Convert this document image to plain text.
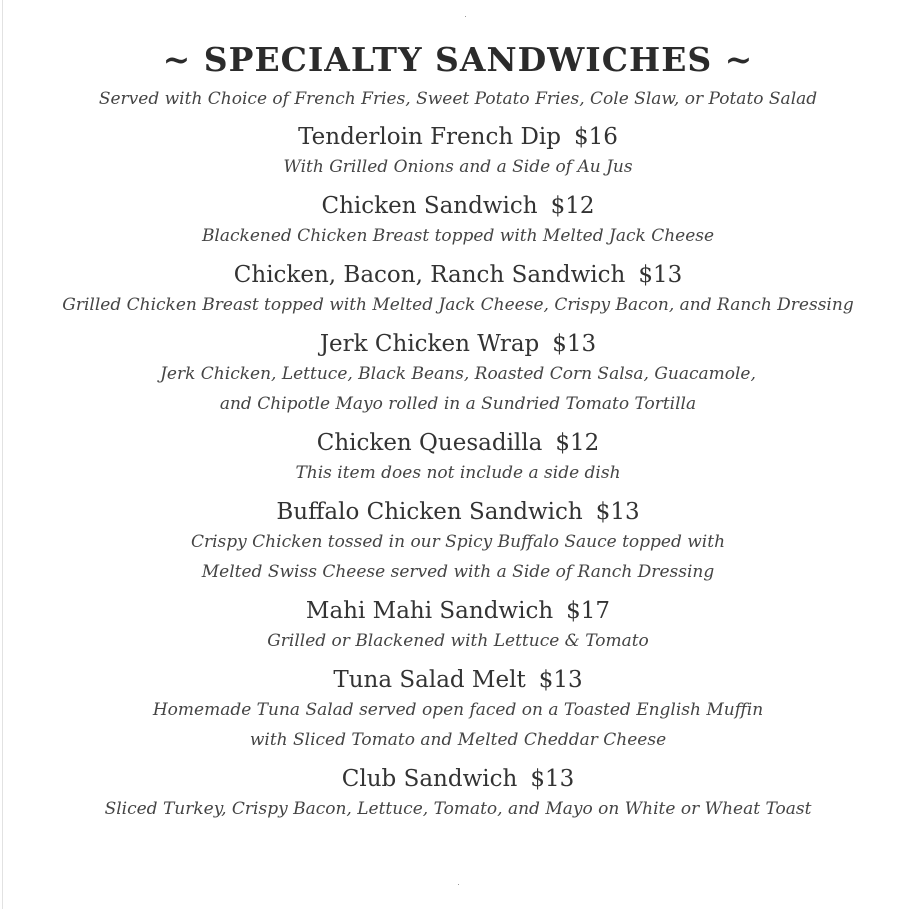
~ SPECIALTY SANDWICHES ~
Served with Choice of French Fries, Sweet Potato Fries, Cole Slaw, or Potato Salad
Tenderloin French Dip $16
With Grilled Onions and a Side of Au Jus
Chicken Sandwich $12
Blackened Chicken Breast topped with Melted Jack Cheese
Chicken, Bacon, Ranch Sandwich $13
Grilled Chicken Breast topped with Melted Jack Cheese, Crispy Bacon, and Ranch Dressing
Jerk Chicken Wrap $13
Jerk Chicken, Lettuce, Black Beans, Roasted Corn Salsa, Guacamole,
and Chipotle Mayo rolled in a Sundried Tomato Tortilla
Chicken Quesadilla $12
This item does not include a side dish
Buffalo Chicken Sandwich $13
Crispy Chicken tossed in our Spicy Buffalo Sauce topped with
Melted Swiss Cheese served with a Side of Ranch Dressing
Mahi Mahi Sandwich $17
Grilled or Blackened with Lettuce & Tomato
Tuna Salad Melt $13
Homemade Tuna Salad served open faced on a Toasted English Muffin
with Sliced Tomato and Melted Cheddar Cheese
Club Sandwich $13
Sliced Turkey, Crispy Bacon, Lettuce, Tomato, and Mayo on White or Wheat Toast
